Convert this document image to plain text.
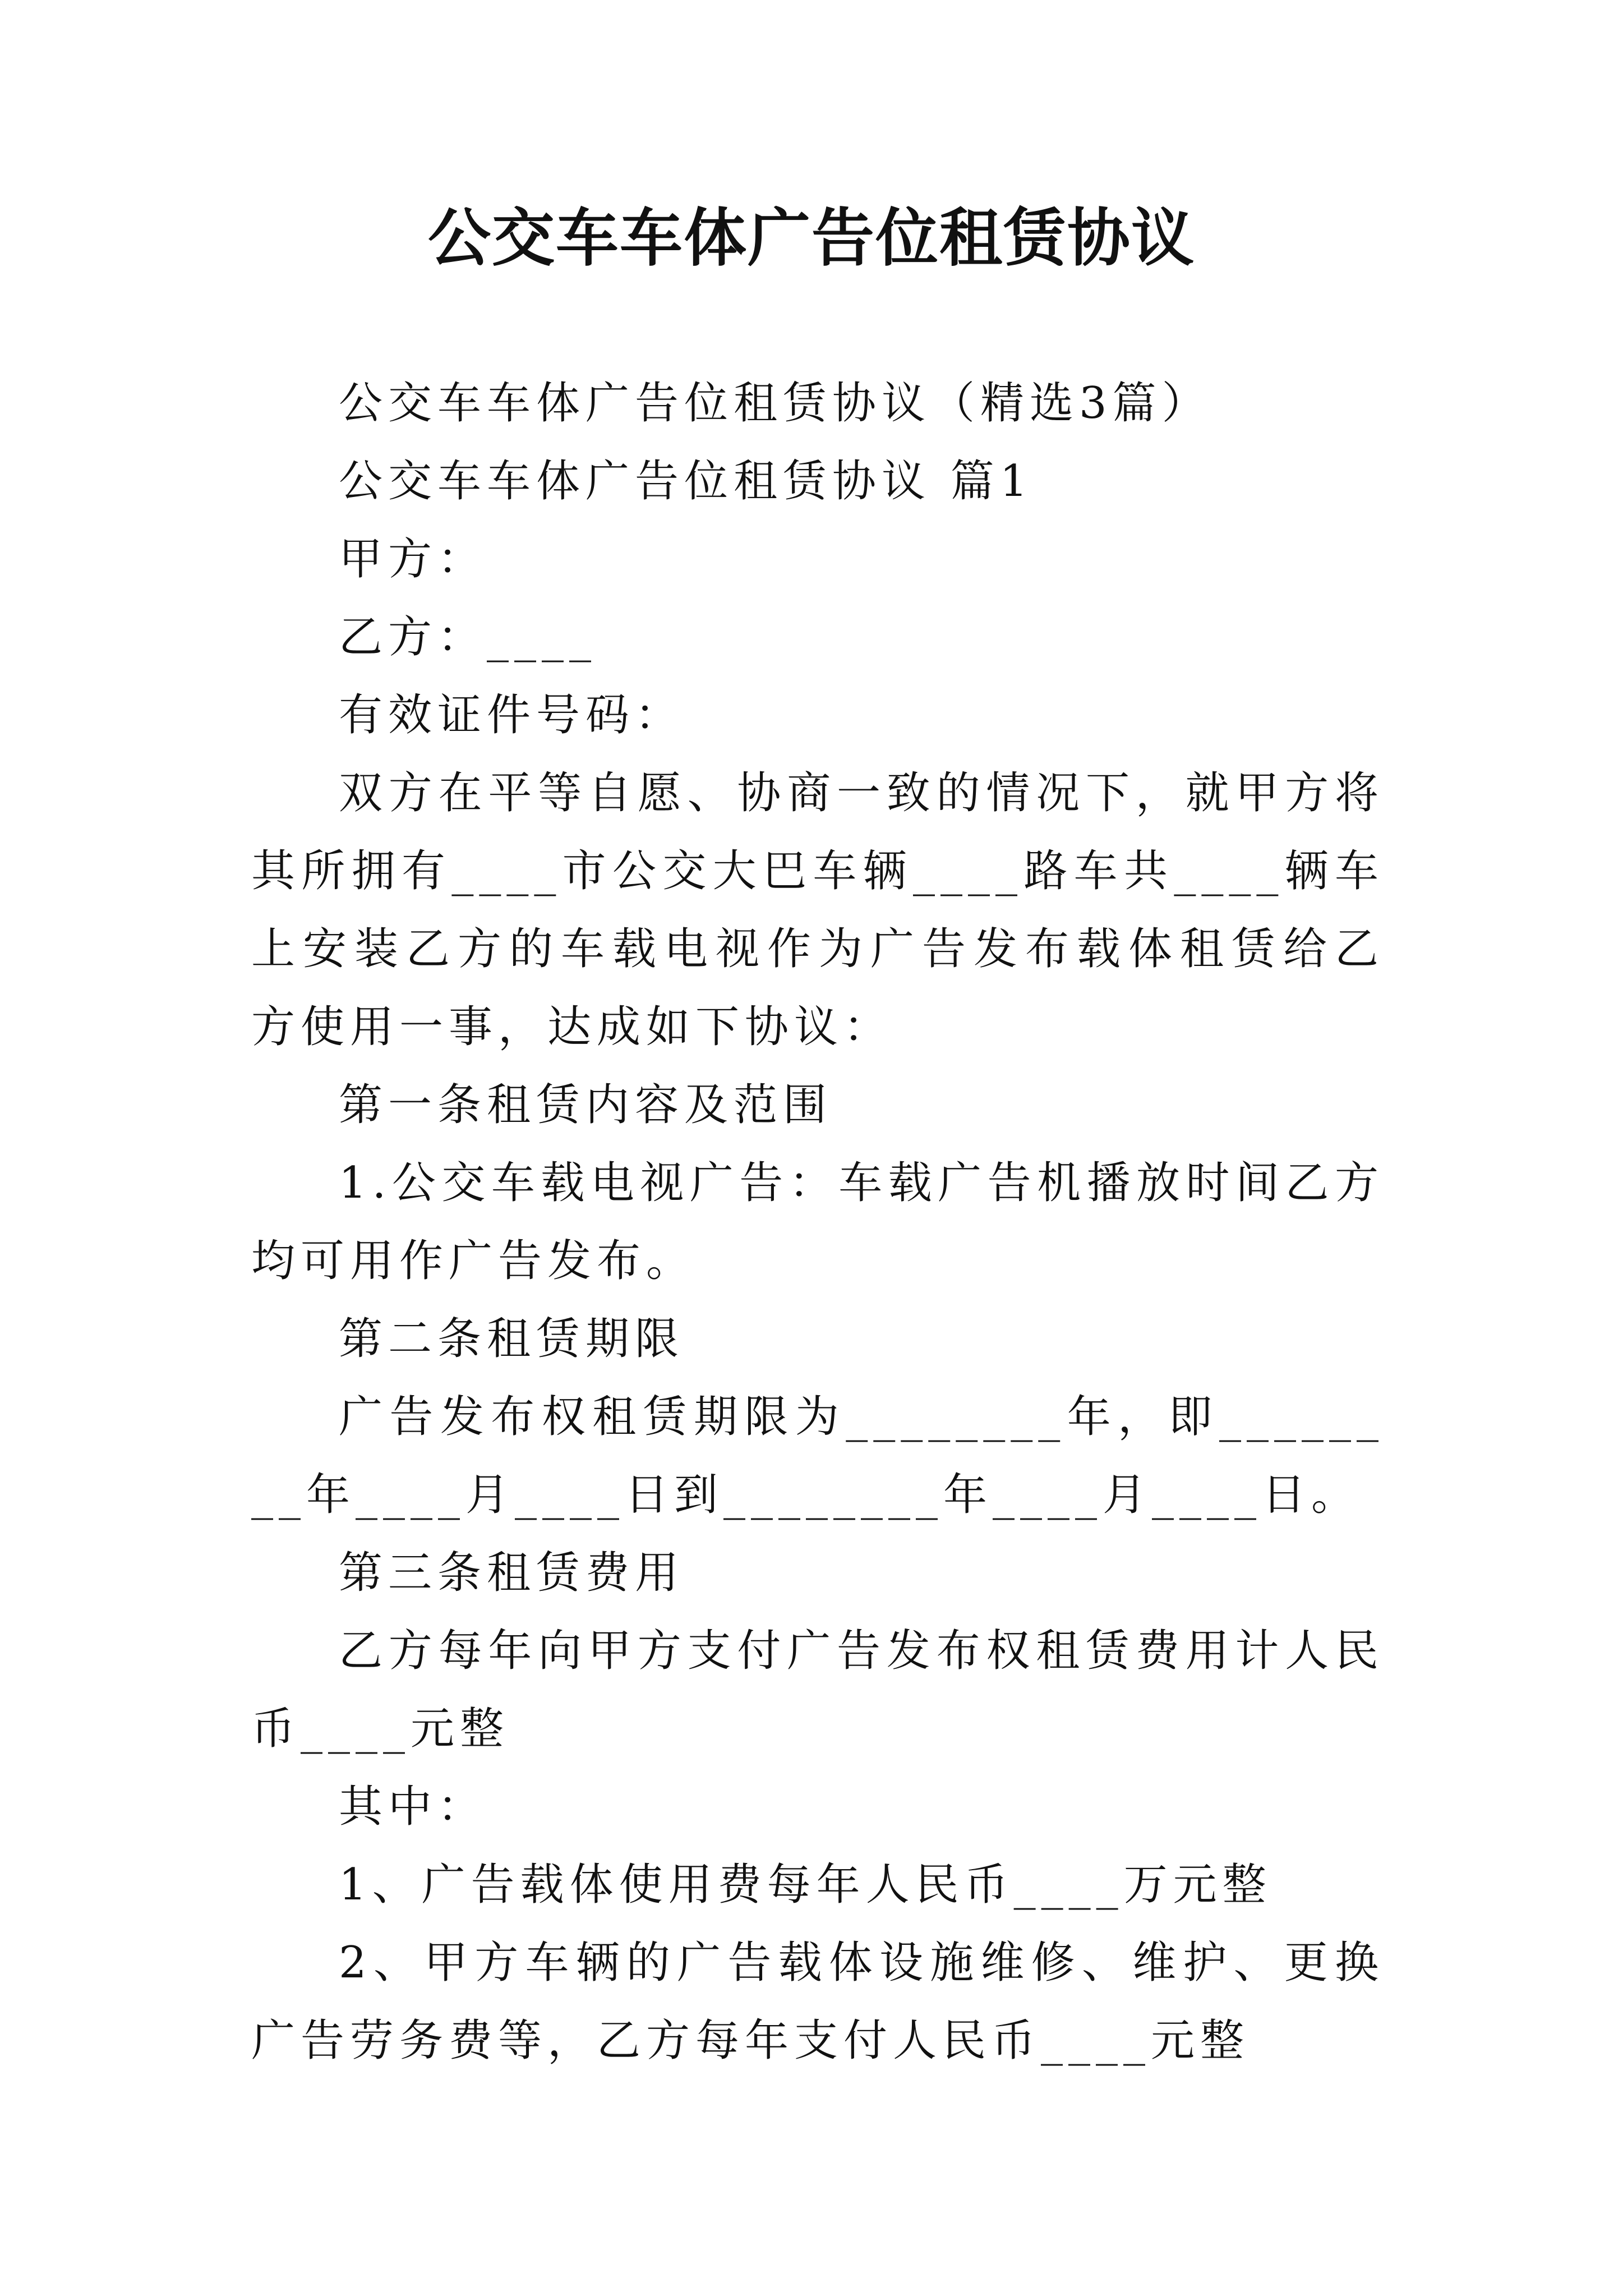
公交车车体广告位租赁协议

公交车车体广告位租赁协议（精选3篇）

公交车车体广告位租赁协议 篇1

甲方：

乙方：____

有效证件号码：

双方在平等自愿、协商一致的情况下，就甲方将其所拥有____市公交大巴车辆____路车共____辆车上安装乙方的车载电视作为广告发布载体租赁给乙方使用一事，达成如下协议：

第一条租赁内容及范围

1.公交车载电视广告：车载广告机播放时间乙方均可用作广告发布。

第二条租赁期限

广告发布权租赁期限为________年，即________年____月____日到________年____月____日。

第三条租赁费用

乙方每年向甲方支付广告发布权租赁费用计人民币____元整

其中：

1、广告载体使用费每年人民币____万元整

2、甲方车辆的广告载体设施维修、维护、更换广告劳务费等，乙方每年支付人民币____元整
